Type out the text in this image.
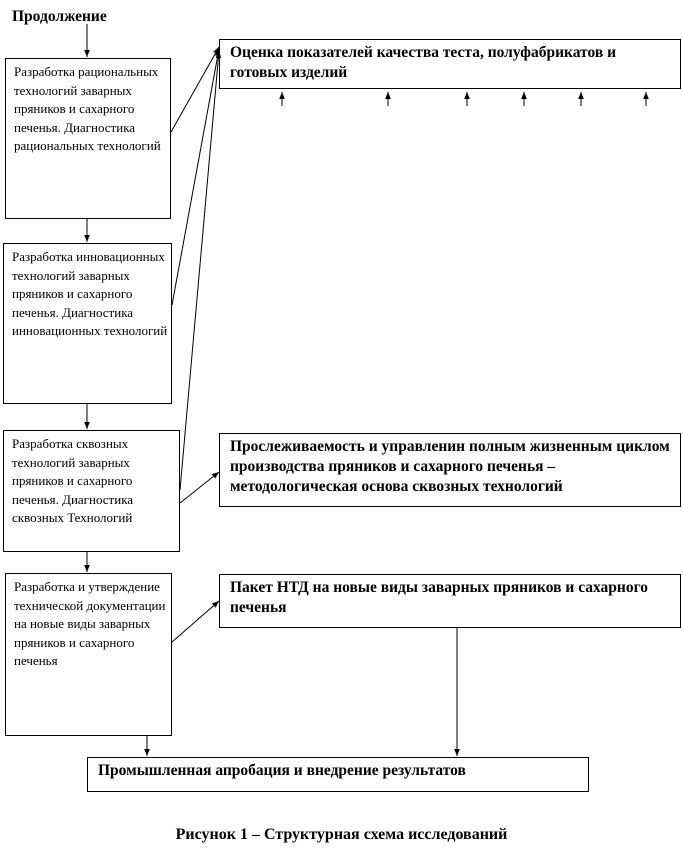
Продолжение
Разработка рациональных технологий заварных пряников и сахарного печенья. Диагностика рациональных технологий
Разработка инновационных технологий заварных пряников и сахарного печенья. Диагностика инновационных технологий
Разработка сквозных технологий заварных пряников и сахарного печенья. Диагностика сквозных Технологий
Разработка и утверждение технической документации на новые виды заварных пряников и сахарного печенья
Оценка показателей качества теста, полуфабрикатов и готовых изделий
Прослеживаемость и управленин полным жизненным циклом производства пряников и сахарного печенья – методологическая основа сквозных технологий
Пакет НТД на новые виды заварных пряников и сахарного печенья
Промышленная апробация и внедрение результатов
Рисунок 1 – Структурная схема исследований
